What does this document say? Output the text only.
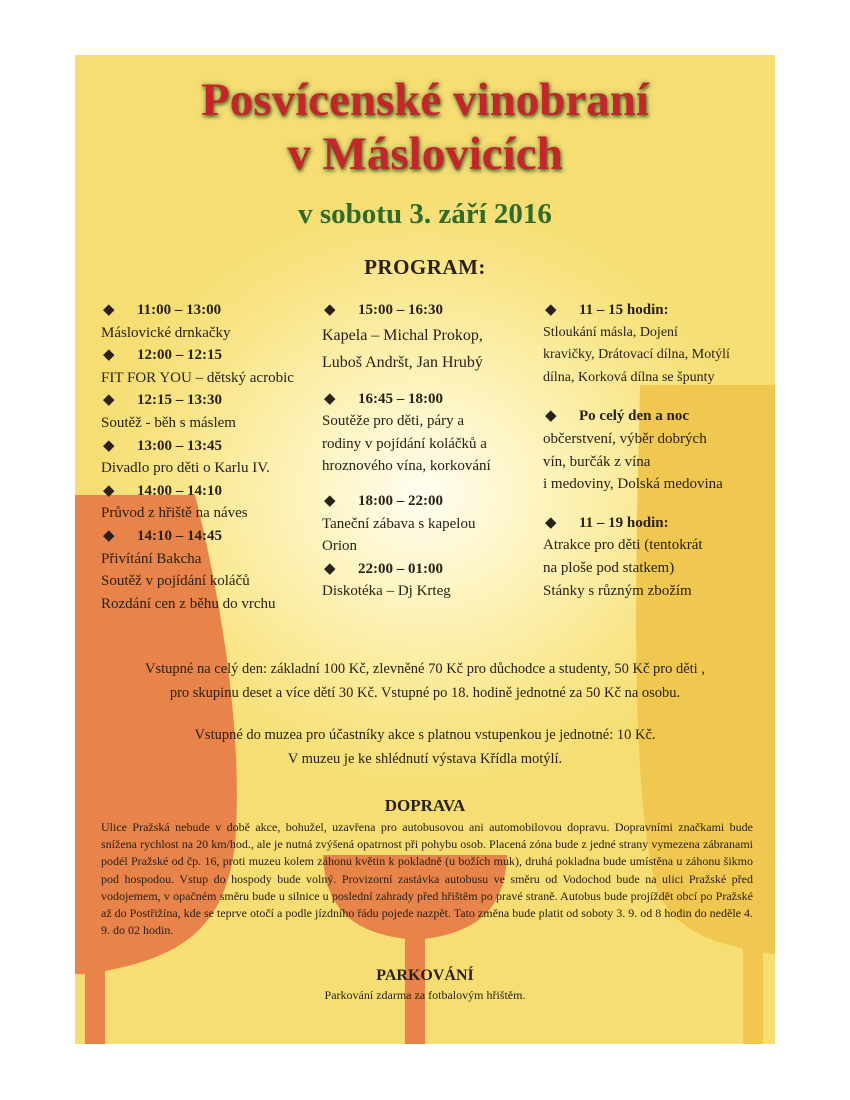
Posvícenské vinobraní
v Máslovicích
v sobotu 3. září 2016
PROGRAM:
◆ 11:00 – 13:00
Máslovické drnkačky
◆ 12:00 – 12:15
FIT FOR YOU – dětský acrobic
◆ 12:15 – 13:30
Soutěž - běh s máslem
◆ 13:00 – 13:45
Divadlo pro děti o Karlu IV.
◆ 14:00 – 14:10
Průvod z hřiště na náves
◆ 14:10 – 14:45
Přivítání Bakcha
Soutěž v pojídání koláčů
Rozdání cen z běhu do vrchu
◆ 15:00 – 16:30
Kapela – Michal Prokop,
Luboš Andršt, Jan Hrubý
◆ 16:45 – 18:00
Soutěže pro děti, páry a
rodiny v pojídání koláčků a
hroznového vína, korkování
◆ 18:00 – 22:00
Taneční zábava s kapelou
Orion
◆ 22:00 – 01:00
Diskotéka – Dj Krteg
◆ 11 – 15 hodin:
Stloukání másla, Dojení
kravičky, Drátovací dílna, Motýlí
dílna, Korková dílna se špunty
◆ Po celý den a noc
občerstvení, výběr dobrých
vín, burčák z vína
i medoviny, Dolská medovina
◆ 11 – 19 hodin:
Atrakce pro děti (tentokrát
na ploše pod statkem)
Stánky s různým zbožím
Vstupné na celý den: základní 100 Kč, zlevněné 70 Kč pro důchodce a studenty, 50 Kč pro děti ,
pro skupinu deset a více dětí 30 Kč. Vstupné po 18. hodině jednotné za 50 Kč na osobu.
Vstupné do muzea pro účastníky akce s platnou vstupenkou je jednotné: 10 Kč.
V muzeu je ke shlédnutí výstava Křídla motýlí.
DOPRAVA
Ulice Pražská nebude v době akce, bohužel, uzavřena pro autobusovou ani automobilovou dopravu. Dopravními značkami bude snížena rychlost na 20 km/hod., ale je nutná zvýšená opatrnost při pohybu osob. Placená zóna bude z jedné strany vymezena zábranami podél Pražské od čp. 16, proti muzeu kolem záhonu květin k pokladně (u božích muk), druhá pokladna bude umístěna u záhonu šikmo pod hospodou. Vstup do hospody bude volný. Provizorní zastávka autobusu ve směru od Vodochod bude na ulici Pražské před vodojemem, v opačném směru bude u silnice u poslední zahrady před hřištěm po pravé straně. Autobus bude projíždět obcí po Pražské až do Postřižína, kde se teprve otočí a podle jízdního řádu pojede nazpět. Tato změna bude platit od soboty 3. 9. od 8 hodin do neděle 4. 9. do 02 hodin.
PARKOVÁNÍ
Parkování zdarma za fotbalovým hřištěm.
